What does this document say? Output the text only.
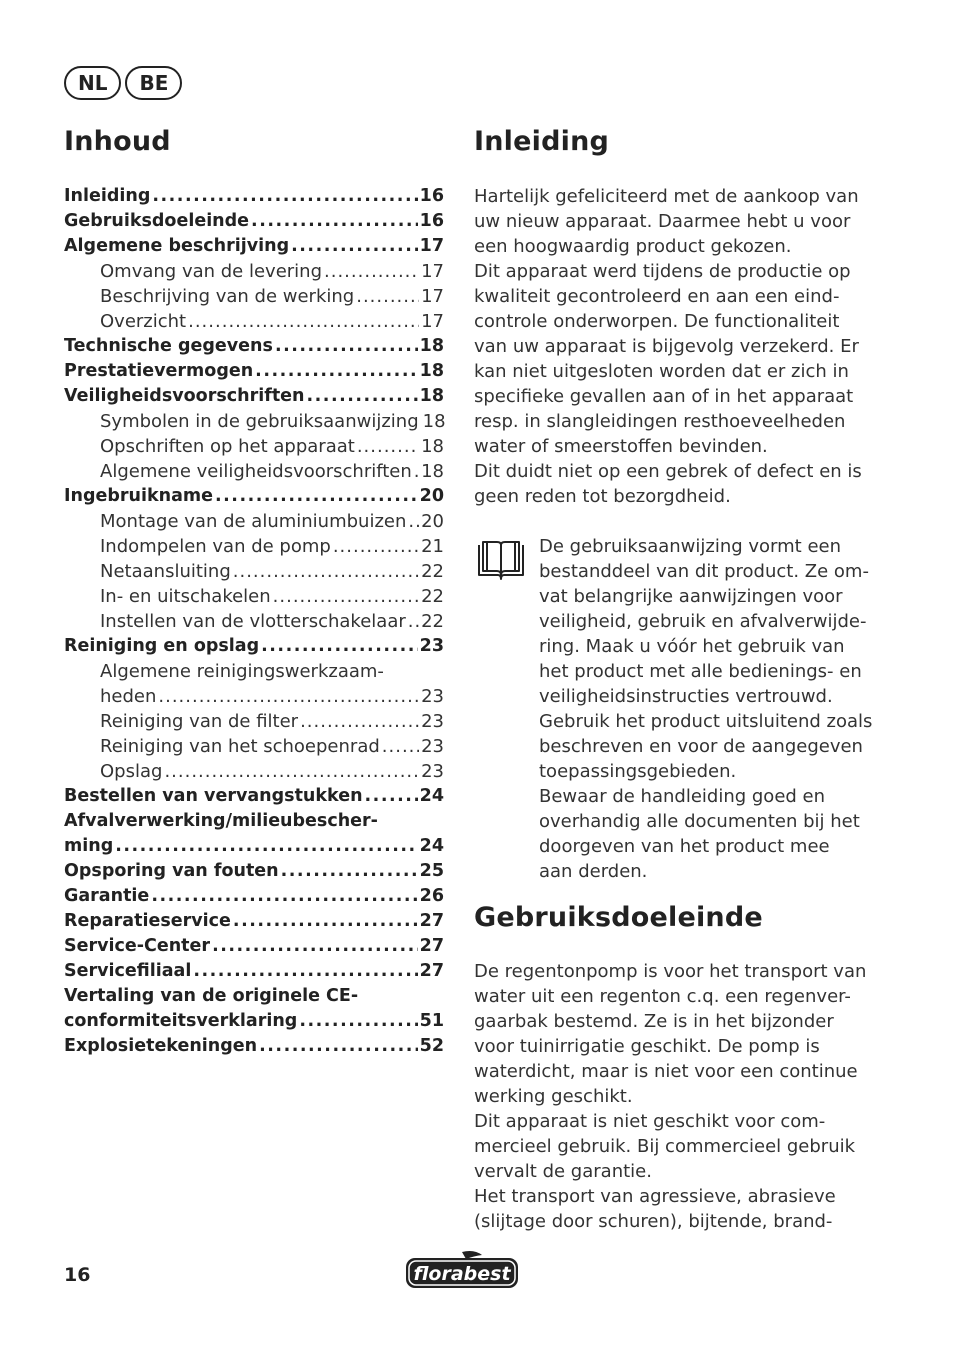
NL	BE
Inhoud
Inleiding .....	16
Gebruiksdoeleinde .....	16
Algemene beschrijving .....	17
Omvang van de levering .....	17
Beschrijving van de werking .....	17
Overzicht .....	17
Technische gegevens .....	18
Prestatievermogen .....	18
Veiligheidsvoorschriften .....	18
Symbolen in de gebruiksaanwijzing 18
Opschriften op het apparaat .....	18
Algemene veiligheidsvoorschriften ..... 18
Ingebruikname .....	20
Montage van de aluminiumbuizen ..... 20
Indompelen van de pomp .....	21
Netaansluiting .....	22
In- en uitschakelen .....	22
Instellen van de vlotterschakelaar ..... 22
Reiniging en opslag .....	23
Algemene reinigingswerkzaam-
heden .....	23
Reiniging van de filter .....	23
Reiniging van het schoepenrad ..... 23
Opslag .....	23
Bestellen van vervangstukken .....	24
Afvalverwerking/milieubescher-
ming .....	24
Opsporing van fouten .....	25
Garantie .....	26
Reparatieservice .....	27
Service-Center .....	27
Servicefiliaal .....	27
Vertaling van de originele CE-
conformiteitsverklaring .....	51
Explosietekeningen .....	52
Inleiding

Hartelijk gefeliciteerd met de aankoop van

uw nieuw apparaat. Daarmee hebt u voor

een hoogwaardig product gekozen.

Dit apparaat werd tijdens de productie op

kwaliteit gecontroleerd en aan een eind-

controle onderworpen. De functionaliteit

van uw apparaat is bijgevolg verzekerd. Er

kan niet uitgesloten worden dat er zich in

specifieke gevallen aan of in het apparaat

resp. in slangleidingen resthoeveelheden

water of smeerstoffen bevinden.

Dit duidt niet op een gebrek of defect en is

geen reden tot bezorgdheid.

De gebruiksaanwijzing vormt een

bestanddeel van dit product. Ze om-

vat belangrijke aanwijzingen voor

veiligheid, gebruik en afvalverwijde-

ring. Maak u vóór het gebruik van

het product met alle bedienings- en

veiligheidsinstructies vertrouwd.

Gebruik het product uitsluitend zoals

beschreven en voor de aangegeven

toepassingsgebieden.

Bewaar de handleiding goed en

overhandig alle documenten bij het

doorgeven van het product mee

aan derden.

Gebruiksdoeleinde

De regentonpomp is voor het transport van

water uit een regenton c.q. een regenver-

gaarbak bestemd. Ze is in het bijzonder

voor tuinirrigatie geschikt. De pomp is

waterdicht, maar is niet voor een continue

werking geschikt.

Dit apparaat is niet geschikt voor com-

mercieel gebruik. Bij commercieel gebruik

vervalt de garantie.

Het transport van agressieve, abrasieve

(slijtage door schuren), bijtende, brand-

16	florabest
